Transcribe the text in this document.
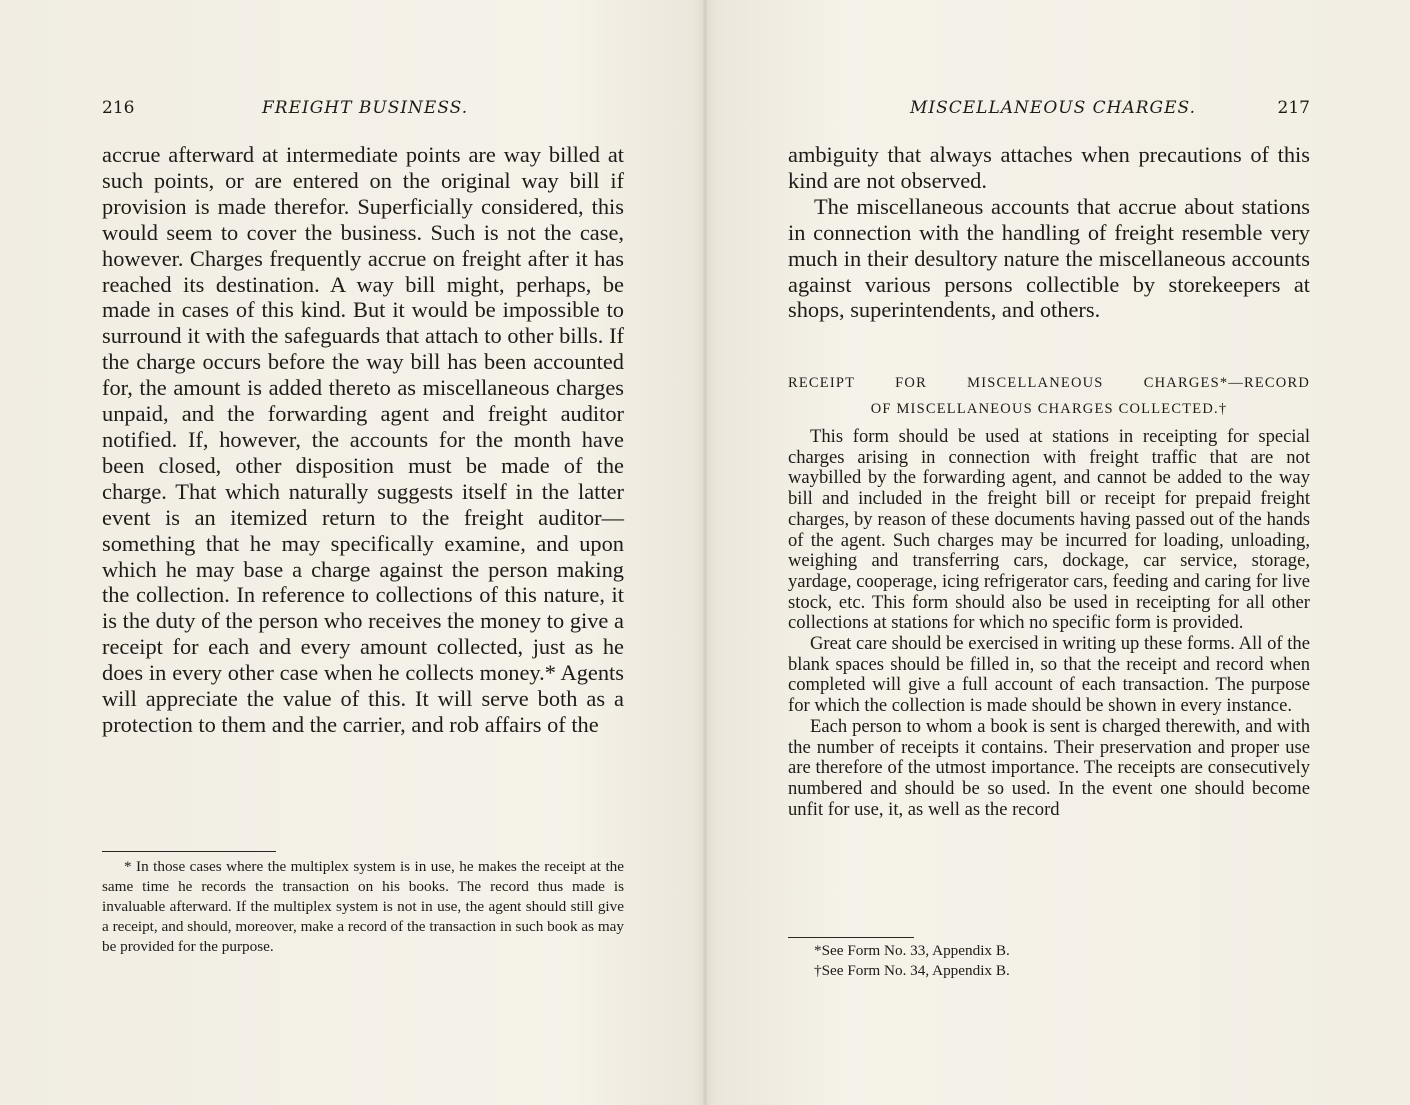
216	FREIGHT BUSINESS.

accrue afterward at intermediate points are way billed at such points, or are entered on the original way bill if provision is made therefor. Superficially considered, this would seem to cover the business. Such is not the case, however. Charges frequently accrue on freight after it has reached its destination. A way bill might, perhaps, be made in cases of this kind. But it would be impossible to surround it with the safeguards that attach to other bills. If the charge occurs before the way bill has been accounted for, the amount is added thereto as miscellaneous charges unpaid, and the forwarding agent and freight auditor notified. If, however, the accounts for the month have been closed, other disposition must be made of the charge. That which naturally suggests itself in the latter event is an itemized return to the freight auditor—something that he may specifically examine, and upon which he may base a charge against the person making the collection. In reference to collections of this nature, it is the duty of the person who receives the money to give a receipt for each and every amount collected, just as he does in every other case when he collects money.* Agents will appreciate the value of this. It will serve both as a protection to them and the carrier, and rob affairs of the

* In those cases where the multiplex system is in use, he makes the receipt at the same time he records the transaction on his books. The record thus made is invaluable afterward. If the multiplex system is not in use, the agent should still give a receipt, and should, moreover, make a record of the transaction in such book as may be provided for the purpose.

MISCELLANEOUS CHARGES.	217

ambiguity that always attaches when precautions of this kind are not observed.

The miscellaneous accounts that accrue about stations in connection with the handling of freight resemble very much in their desultory nature the miscellaneous accounts against various persons collectible by storekeepers at shops, superintendents, and others.

RECEIPT FOR MISCELLANEOUS CHARGES*—RECORD
OF MISCELLANEOUS CHARGES COLLECTED.†

This form should be used at stations in receipting for special charges arising in connection with freight traffic that are not waybilled by the forwarding agent, and cannot be added to the way bill and included in the freight bill or receipt for prepaid freight charges, by reason of these documents having passed out of the hands of the agent. Such charges may be incurred for loading, unloading, weighing and transferring cars, dockage, car service, storage, yardage, cooperage, icing refrigerator cars, feeding and caring for live stock, etc. This form should also be used in receipting for all other collections at stations for which no specific form is provided.

Great care should be exercised in writing up these forms. All of the blank spaces should be filled in, so that the receipt and record when completed will give a full account of each transaction. The purpose for which the collection is made should be shown in every instance.

Each person to whom a book is sent is charged therewith, and with the number of receipts it contains. Their preservation and proper use are therefore of the utmost importance. The receipts are consecutively numbered and should be so used. In the event one should become unfit for use, it, as well as the record

*See Form No. 33, Appendix B.

†See Form No. 34, Appendix B.
